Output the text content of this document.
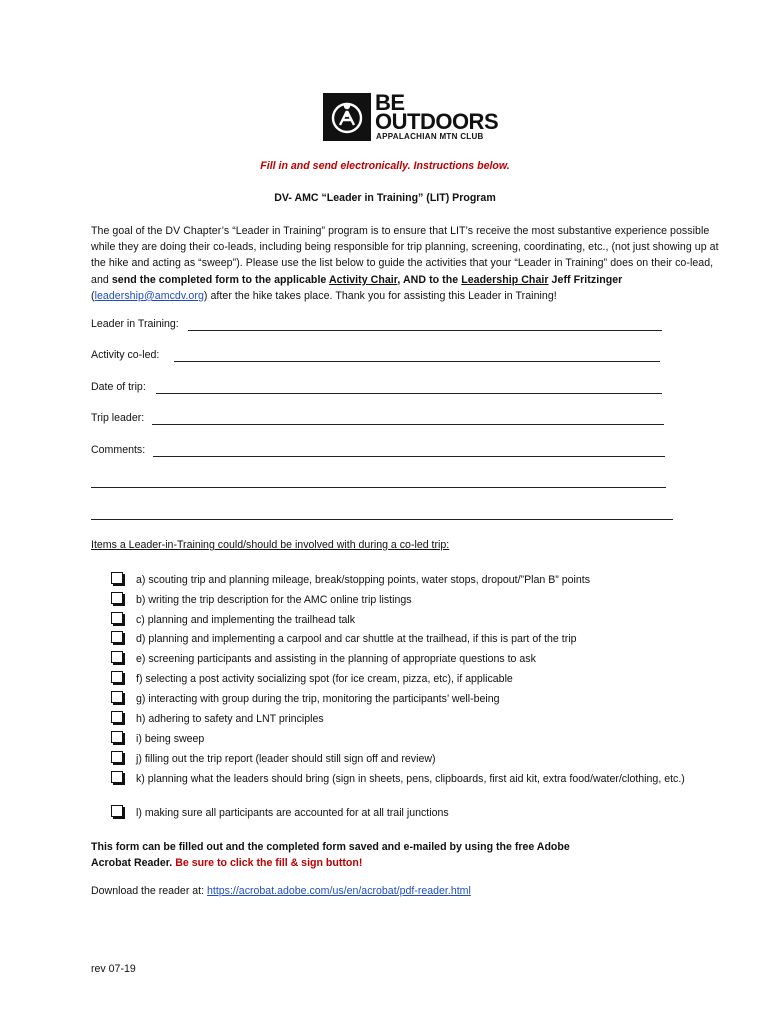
BE
OUTDOORS
APPALACHIAN MTN CLUB
Fill in and send electronically. Instructions below.
DV- AMC “Leader in Training” (LIT) Program
The goal of the DV Chapter’s “Leader in Training” program is to ensure that LIT’s receive the most substantive experience possible while they are doing their co-leads, including being responsible for trip planning, screening, coordinating, etc., (not just showing up at the hike and acting as “sweep”). Please use the list below to guide the activities that your “Leader in Training” does on their co-lead, and send the completed form to the applicable Activity Chair, AND to the Leadership Chair Jeff Fritzinger (leadership@amcdv.org) after the hike takes place. Thank you for assisting this Leader in Training!
Leader in Training:
Activity co-led:
Date of trip:
Trip leader:
Comments:
Items a Leader-in-Training could/should be involved with during a co-led trip:
a) scouting trip and planning mileage, break/stopping points, water stops, dropout/”Plan B” points
b) writing the trip description for the AMC online trip listings
c) planning and implementing the trailhead talk
d) planning and implementing a carpool and car shuttle at the trailhead, if this is part of the trip
e) screening participants and assisting in the planning of appropriate questions to ask
f) selecting a post activity socializing spot (for ice cream, pizza, etc), if applicable
g) interacting with group during the trip, monitoring the participants’ well-being
h) adhering to safety and LNT principles
i) being sweep
j) filling out the trip report (leader should still sign off and review)
k) planning what the leaders should bring (sign in sheets, pens, clipboards, first aid kit, extra food/water/clothing, etc.)
l) making sure all participants are accounted for at all trail junctions
This form can be filled out and the completed form saved and e-mailed by using the free Adobe Acrobat Reader. Be sure to click the fill & sign button!
Download the reader at: https://acrobat.adobe.com/us/en/acrobat/pdf-reader.html
rev 07-19
